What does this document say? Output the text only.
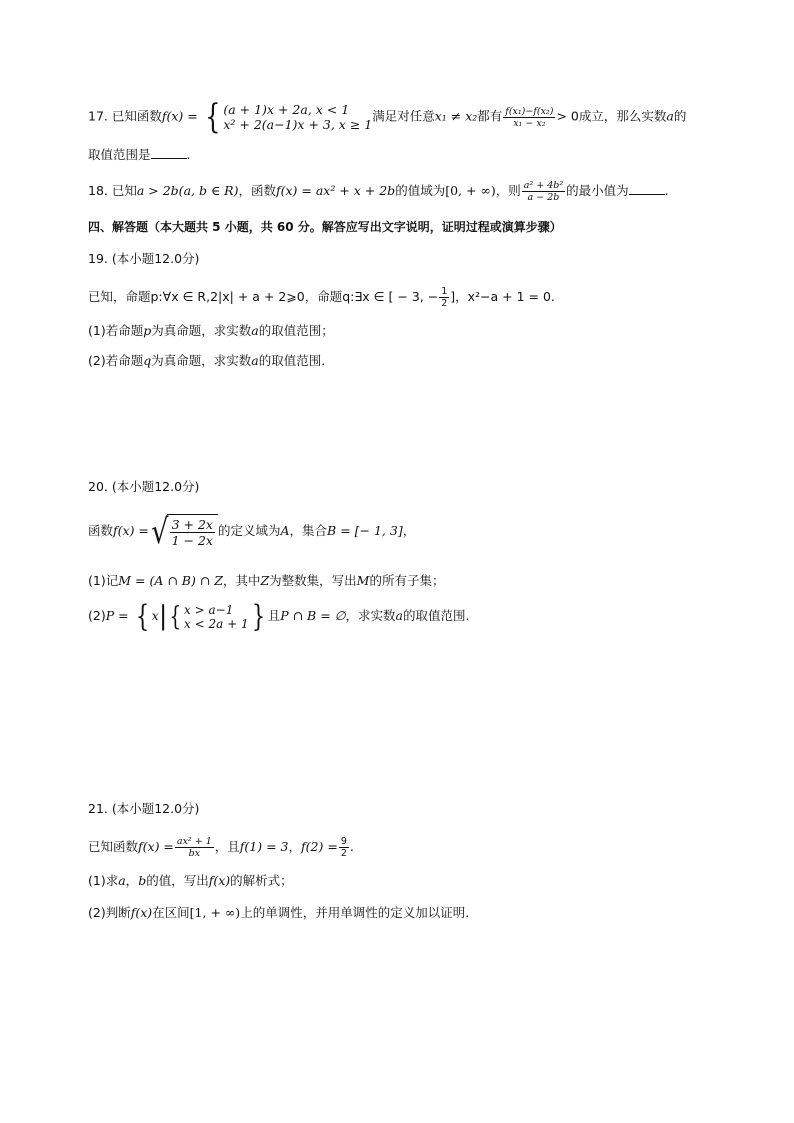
17. 已知函数f(x) = { (a + 1)x + 2a, x < 1
x² + 2(a−1)x + 3, x ≥ 1
满足对任意x₁ ≠ x₂都有 $\frac{\text{f(x₁)−f(x₂)}}{\text{x₁ − x₂}} > 0$成立，那么实数a的
取值范围是	.
18. 已知a > 2b(a, b ∈ R)，函数f(x) = ax² + x + 2b的值域为[0, + ∞)，则 $\frac{\text{a² + 4b²}}{a - 2b}$ 的最小值为	.
四、解答题（本大题共 5 小题，共 60 分。解答应写出文字说明，证明过程或演算步骤）
19. (本小题12.0分)
已知，命题p:∀x ∈ R,2|x| + a + 2⩾0，命题q:∃x ∈ [ − 3, − $\frac{1}{2}$ ]，x²−a + 1 = 0.
(1)若命题p为真命题，求实数a的取值范围；
(2)若命题q为真命题，求实数a的取值范围.
20. (本小题12.0分)
函数f(x) =√ $\frac{3 + 2x}{1 - 2x}$ 的定义域为A，集合B = [− 1, 3]，
(1)记M = (A ∩ B) ∩ Z，其中Z为整数集，写出M的所有子集；
(2)P = { x|{ x > a−1
x < 2a + 1 } 且P ∩ B = ∅，求实数a的取值范围.
21. (本小题12.0分)
已知函数$f(x) = \frac{\text{ax² + 1}}{bx}$ ，且f(1) = 3，$f(2) = \frac{9}{2}$ .
(1)求a，b的值，写出f(x)的解析式；
(2)判断f(x)在区间[1, + ∞)上的单调性，并用单调性的定义加以证明.
